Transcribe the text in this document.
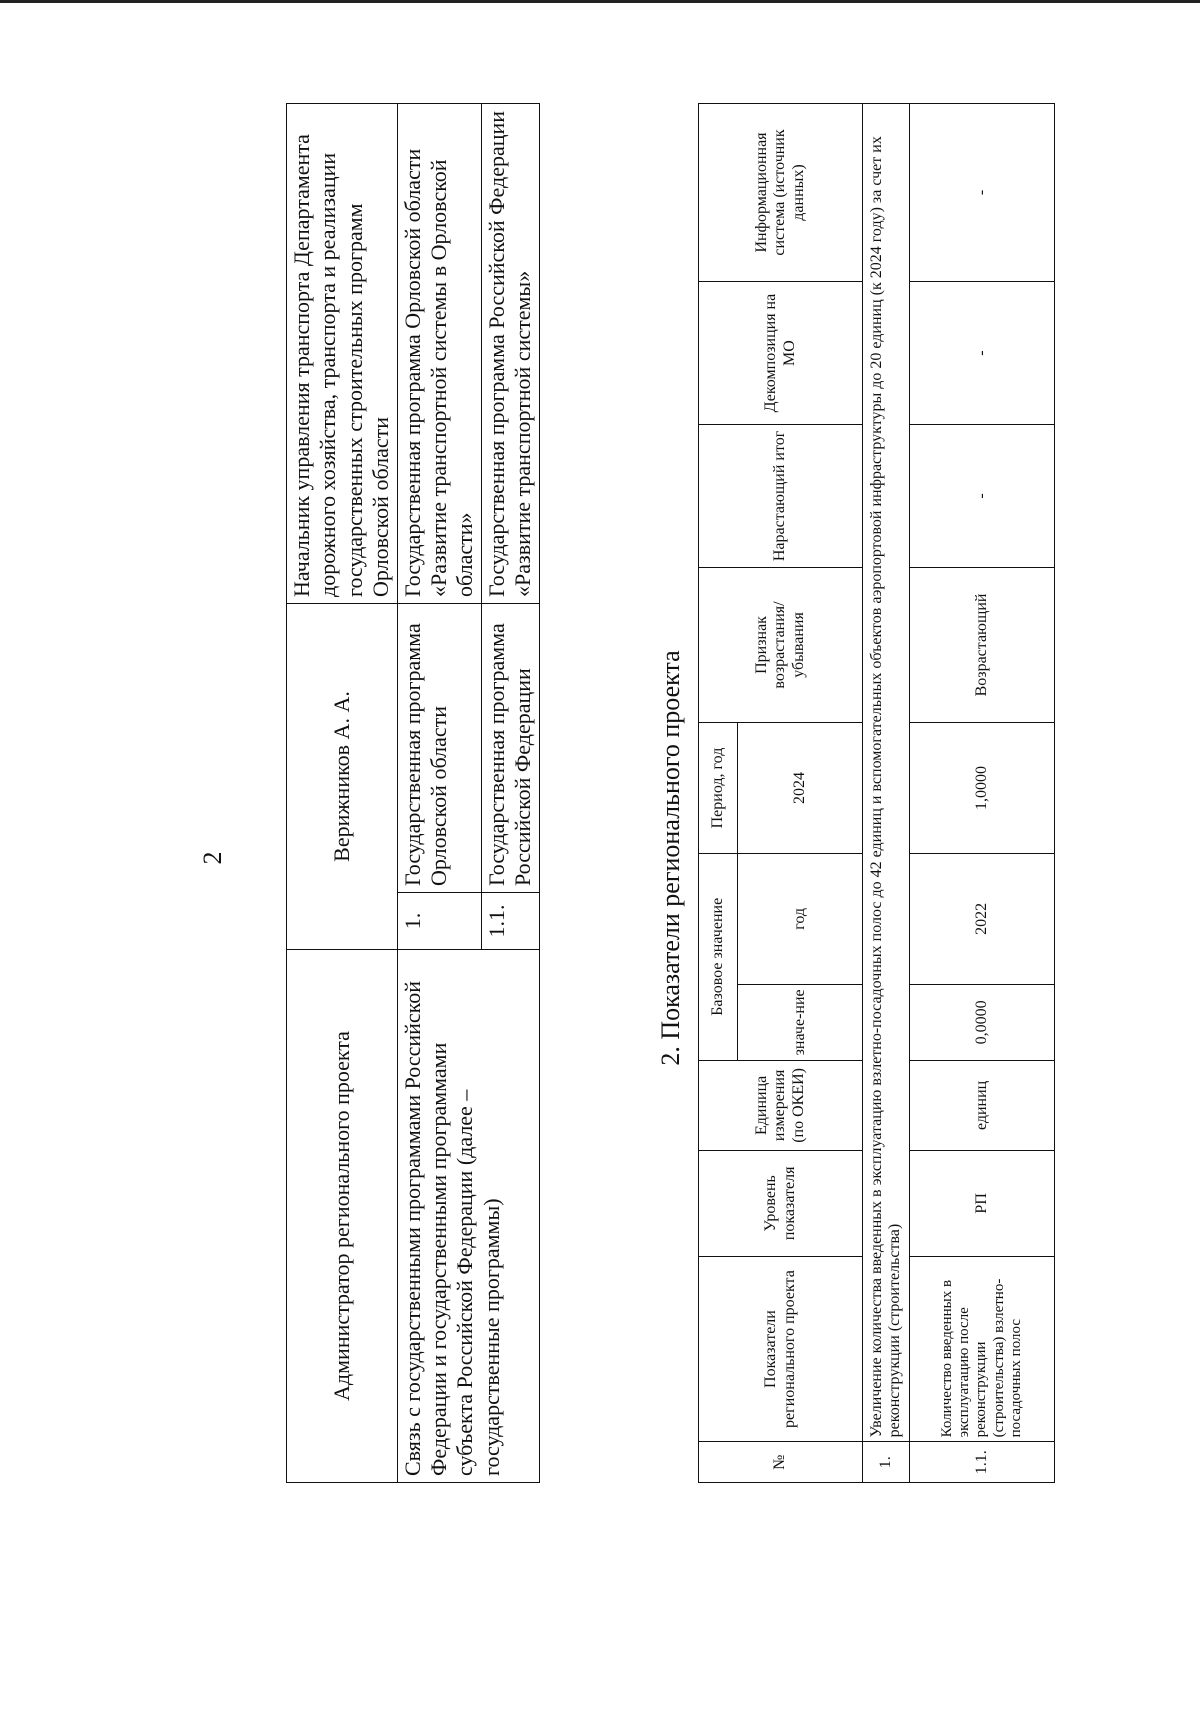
2
Администратор регионального проекта	Верижников А. А.		Начальник управления транспорта Департамента дорожного хозяйства, транспорта и реализации государственных строительных программ Орловской области
Связь с государственными программами Российской Федерации и государственными программами субъекта Российской Федерации (далее – государственные программы)	1.	Государственная программа Орловской области	Государственная программа Орловской области «Развитие транспортной системы в Орловской области»
	1.1.	Государственная программа Российской Федерации	Государственная программа Российской Федерации «Развитие транспортной системы»
2. Показатели регионального проекта
№	Показатели регионального проекта	Уровень показателя	Единица измерения (по ОКЕИ)	Базовое значение		Период, год	Признак возрастания/ убывания	Нарастающий итог	Декомпозиция на МО	Информационная система (источник данных)
				значе-ние	год	2024				
1.	Увеличение количества введенных в эксплуатацию взлетно-посадочных полос до 42 единиц и вспомогательных объектов аэропортовой инфраструктуры до 20 единиц (к 2024 году) за счет их реконструкции (строительства)									
1.1.	Количество введенных в эксплуатацию после реконструкции (строительства) взлетно-посадочных полос	РП	единиц	0,0000	2022	1,0000	Возрастающий	-	-	-
